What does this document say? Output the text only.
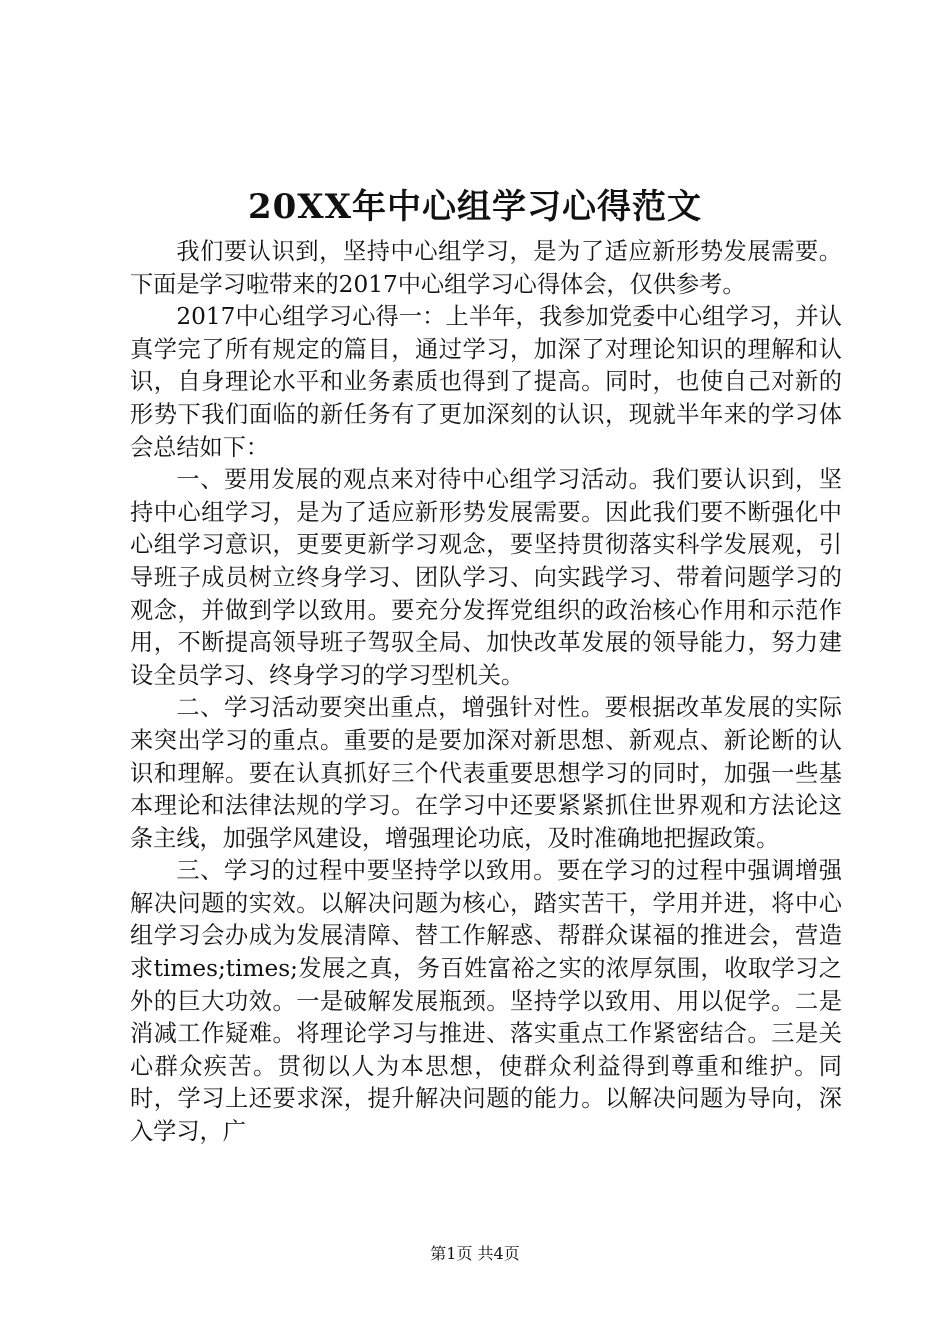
20XX年中心组学习心得范文

我们要认识到，坚持中心组学习，是为了适应新形势发展需要。下面是学习啦带来的2017中心组学习心得体会，仅供参考。

2017中心组学习心得一：上半年，我参加党委中心组学习，并认真学完了所有规定的篇目，通过学习，加深了对理论知识的理解和认识，自身理论水平和业务素质也得到了提高。同时，也使自己对新的形势下我们面临的新任务有了更加深刻的认识，现就半年来的学习体会总结如下：

一、要用发展的观点来对待中心组学习活动。我们要认识到，坚持中心组学习，是为了适应新形势发展需要。因此我们要不断强化中心组学习意识，更要更新学习观念，要坚持贯彻落实科学发展观，引导班子成员树立终身学习、团队学习、向实践学习、带着问题学习的观念，并做到学以致用。要充分发挥党组织的政治核心作用和示范作用，不断提高领导班子驾驭全局、加快改革发展的领导能力，努力建设全员学习、终身学习的学习型机关。

二、学习活动要突出重点，增强针对性。要根据改革发展的实际来突出学习的重点。重要的是要加深对新思想、新观点、新论断的认识和理解。要在认真抓好三个代表重要思想学习的同时，加强一些基本理论和法律法规的学习。在学习中还要紧紧抓住世界观和方法论这条主线，加强学风建设，增强理论功底，及时准确地把握政策。

三、学习的过程中要坚持学以致用。要在学习的过程中强调增强解决问题的实效。以解决问题为核心，踏实苦干，学用并进，将中心组学习会办成为发展清障、替工作解惑、帮群众谋福的推进会，营造求times;times;发展之真，务百姓富裕之实的浓厚氛围，收取学习之外的巨大功效。一是破解发展瓶颈。坚持学以致用、用以促学。二是消减工作疑难。将理论学习与推进、落实重点工作紧密结合。三是关心群众疾苦。贯彻以人为本思想，使群众利益得到尊重和维护。同时，学习上还要求深，提升解决问题的能力。以解决问题为导向，深入学习，广

第1页 共4页
